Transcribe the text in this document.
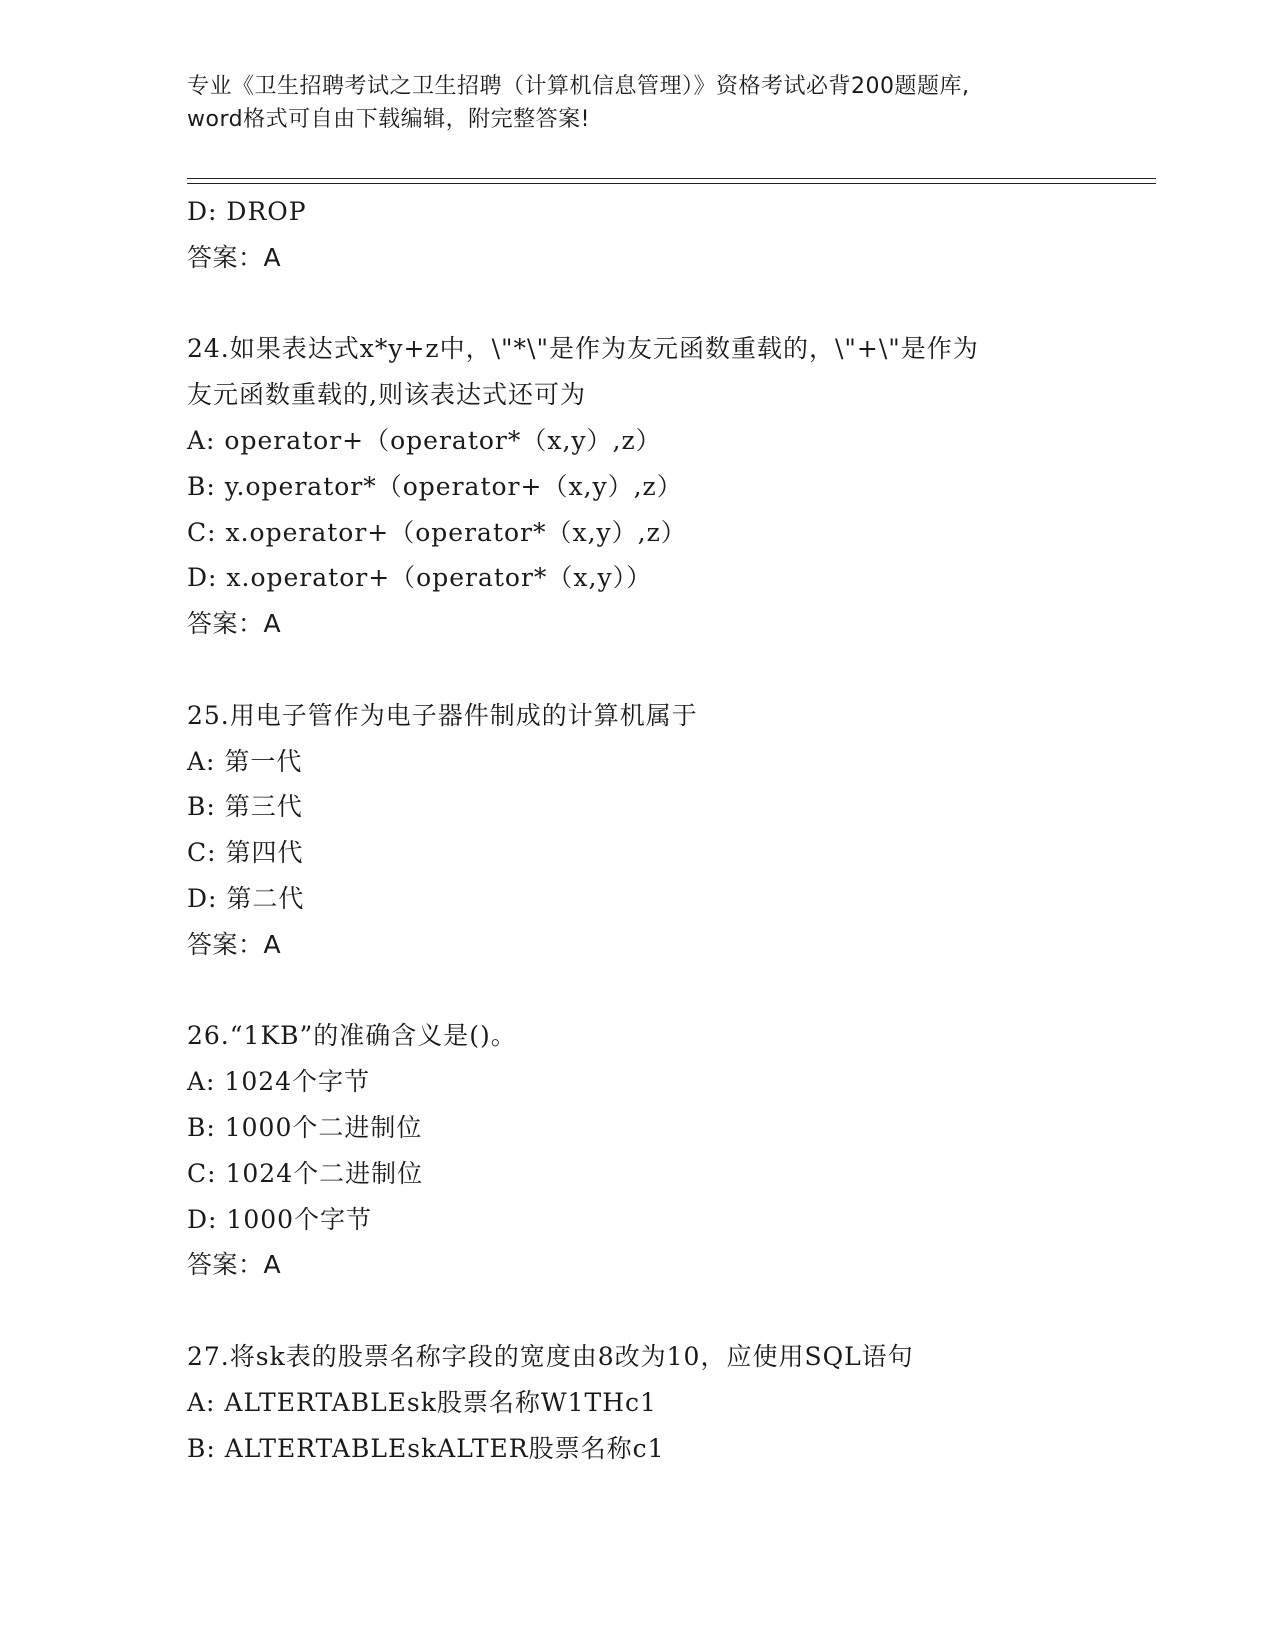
专业《卫生招聘考试之卫生招聘（计算机信息管理）》资格考试必背200题题库,
word格式可自由下载编辑，附完整答案!
D: DROP
答案：A
24.如果表达式x*y+z中，\"*\"是作为友元函数重载的，\"+\"是作为
友元函数重载的,则该表达式还可为
A: operator+（operator*（x,y）,z）
B: y.operator*（operator+（x,y）,z）
C: x.operator+（operator*（x,y）,z）
D: x.operator+（operator*（x,y））
答案：A
25.用电子管作为电子器件制成的计算机属于
A: 第一代
B: 第三代
C: 第四代
D: 第二代
答案：A
26.“1KB”的准确含义是()。
A: 1024个字节
B: 1000个二进制位
C: 1024个二进制位
D: 1000个字节
答案：A
27.将sk表的股票名称字段的宽度由8改为10，应使用SQL语句
A: ALTERTABLEsk股票名称W1THc1
B: ALTERTABLEskALTER股票名称c1
